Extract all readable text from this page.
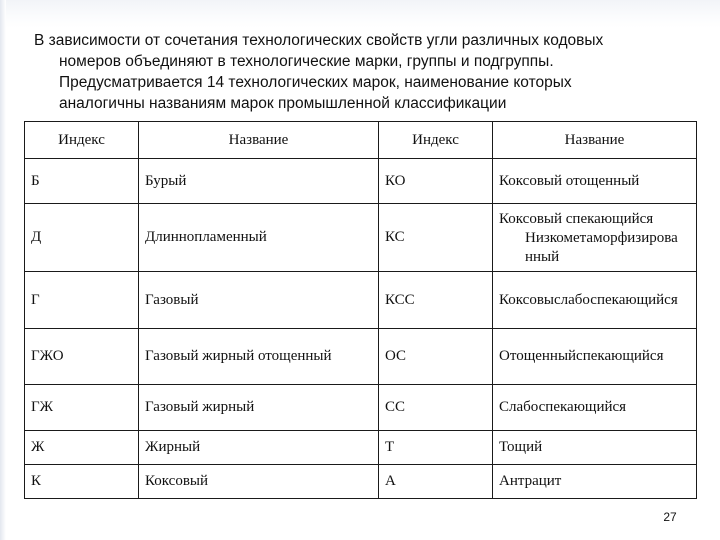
В зависимости от сочетания технологических свойств угли различных кодовых
номеров объединяют в технологические марки, группы и подгруппы.
Предусматривается 14 технологических марок, наименование которых
аналогичны названиям марок промышленной классификации
Индекс	Название	Индекс	Название
Б	Бурый	КО	Коксовый отощенный
Д	Длиннопламенный	КС	Коксовый спекающийся
Низкометаморфизирова
нный

Г	Газовый	КСС	Коксовыслабоспекающийся
ГЖО	Газовый жирный отощенный	ОС	Отощенныйспекающийся
ГЖ	Газовый жирный	СС	Слабоспекающийся
Ж	Жирный	Т	Тощий
К	Коксовый	А	Антрацит
27
